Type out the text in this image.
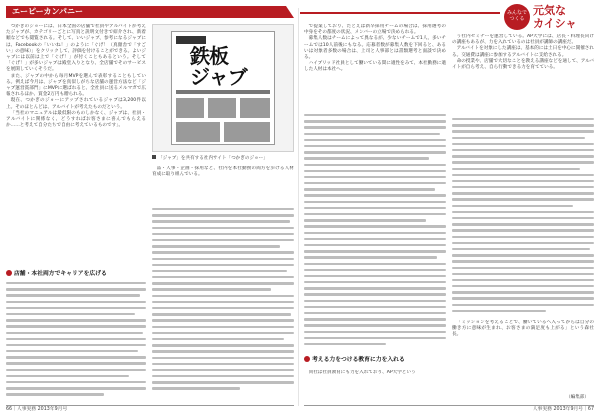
エーピーカンパニー	みんなで
つくる
元気な
カイシャ

つかぎのジョーには、日本全国の店舗で社員やアルバイトが考えたジャブが、カテゴリーごとに写真と説明文付きで紹介され、新着順などでも閲覧される。そして、いいジャブ、参考になるジャブには、Facebookの「いいね！」のように「ぐげ！（真顔舎で「すごい」の意味）」をクリックして、評価を付けることができる。よいジャブには以前は上で「ぐげ！」が付くこともあるという。そして「ぐげ！」が多いジャブは殿堂入りとなり、全店舗でそのサービスを展開していくそうだ。

また、ジャブの中から毎月MVPを選んで表彰することもしている。例えば今月は、ジャブを真似しがちな店舗の運営方法など「ジャブ運営賞部門」にMVPに選ばれると、全社員に送るメルマガで広報されるほか、賞金2万円も贈られる。

現在、つかぎのジョーにアップされているジャブは3,200件以上。そのほとんどは、アルバイトが考えたものだという。

「当社のマニュアルは最低限のものしかなく、ジャブは、社員・アルバイトに関係なく、どうすればお客さまに喜んでもらえるか……と考えて自分たちで自由に考えているものです」。

店舗・本社両方でキャリアを広げる
鉄板
ジャブ
「ジャブ」を共有する社内サイト「つかぎのジョー」

品・人事・企画・採用など、社内を本社勤務の両方を歩ける人材育成に取り組んでいる。

で提案しており、たとえば新卒採用チームの場合は、採用選考の中身をその都度の状況、メンバーの立場で決められる。

募集人数はチームによって異なるが、少ないチームで1人、多いチームでは10人前後にもなる。応募者数が募集人数を下回ると、あるいは対象者多数の場合は、上司と人事部とは書類選考と面談で決める。

ハイブリッド社員として働いている間に適性をみて、本社勤務に適した人材は本社へ。

考える力をつける教育に力を入れる

同社は社員教育にも力を入れており、AP大学という

う社内セミナーを運営している。AP大学には、店長・料理長向けの講座もあるが、力を入れているのは社員が講師の講座だ。

アルバイトを対象にした講座は、基本的には土日を中心に開催される。交通費は講座に参加するアルバイトに支給される。

命の授業や、店舗で大切なことを教える講座などを通して、アルバイトが自ら考え、自ら行動できる力を育てている。

「ミッションを考えることで、働いているへ入ってからは自分の働き方に意味が生まれ、お客さまの満足度も上がる」という森社長。

（編集部）
66｜人事実務 2013年9月号	人事実務 2013年9月号｜67
